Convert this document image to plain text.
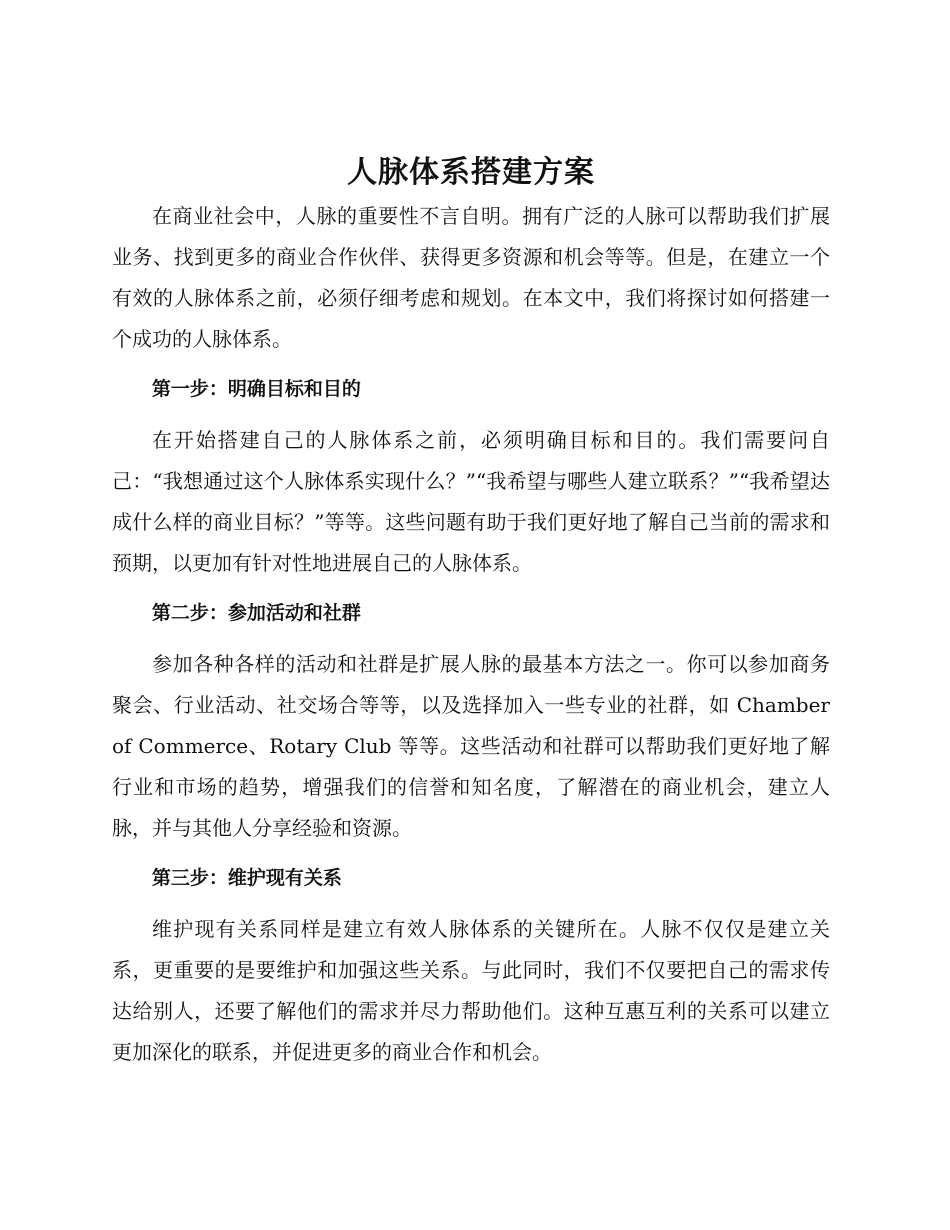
人脉体系搭建方案

在商业社会中，人脉的重要性不言自明。拥有广泛的人脉可以帮助我们扩展业务、找到更多的商业合作伙伴、获得更多资源和机会等等。但是，在建立一个有效的人脉体系之前，必须仔细考虑和规划。在本文中，我们将探讨如何搭建一个成功的人脉体系。

第一步：明确目标和目的

在开始搭建自己的人脉体系之前，必须明确目标和目的。我们需要问自己：“我想通过这个人脉体系实现什么？”“我希望与哪些人建立联系？”“我希望达成什么样的商业目标？”等等。这些问题有助于我们更好地了解自己当前的需求和预期，以更加有针对性地进展自己的人脉体系。

第二步：参加活动和社群

参加各种各样的活动和社群是扩展人脉的最基本方法之一。你可以参加商务聚会、行业活动、社交场合等等，以及选择加入一些专业的社群，如 Chamber of Commerce、Rotary Club 等等。这些活动和社群可以帮助我们更好地了解行业和市场的趋势，增强我们的信誉和知名度，了解潜在的商业机会，建立人脉，并与其他人分享经验和资源。

第三步：维护现有关系

维护现有关系同样是建立有效人脉体系的关键所在。人脉不仅仅是建立关系，更重要的是要维护和加强这些关系。与此同时，我们不仅要把自己的需求传达给别人，还要了解他们的需求并尽力帮助他们。这种互惠互利的关系可以建立更加深化的联系，并促进更多的商业合作和机会。
